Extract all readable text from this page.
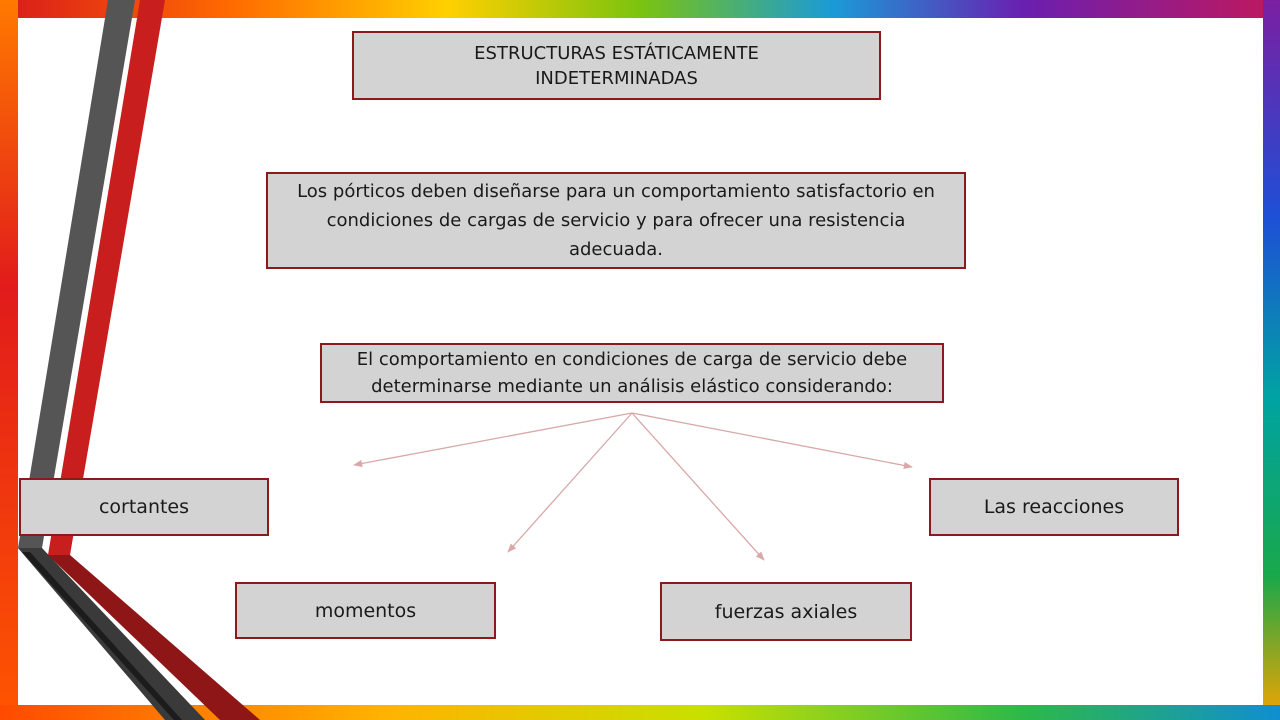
ESTRUCTURAS ESTÁTICAMENTE INDETERMINADAS
Los pórticos deben diseñarse para un comportamiento satisfactorio en condiciones de cargas de servicio y para ofrecer una resistencia adecuada.
El comportamiento en condiciones de carga de servicio debe determinarse mediante un análisis elástico considerando:
cortantes	Las reacciones
momentos	fuerzas axiales
